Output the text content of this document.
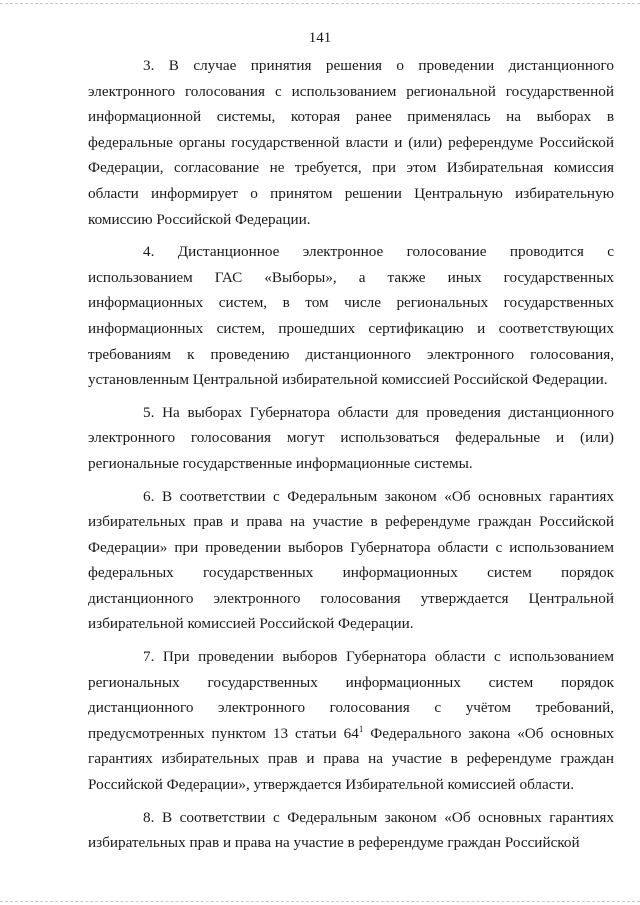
141

3. В случае принятия решения о проведении дистанционного электронного голосования с использованием региональной государственной информационной системы, которая ранее применялась на выборах в федеральные органы государственной власти и (или) референдуме Российской Федерации, согласование не требуется, при этом Избирательная комиссия области информирует о принятом решении Центральную избирательную комиссию Российской Федерации.

4. Дистанционное электронное голосование проводится с использованием ГАС «Выборы», а также иных государственных информационных систем, в том числе региональных государственных информационных систем, прошедших сертификацию и соответствующих требованиям к проведению дистанционного электронного голосования, установленным Центральной избирательной комиссией Российской Федерации.

5. На выборах Губернатора области для проведения дистанционного электронного голосования могут использоваться федеральные и (или) региональные государственные информационные системы.

6. В соответствии с Федеральным законом «Об основных гарантиях избирательных прав и права на участие в референдуме граждан Российской Федерации» при проведении выборов Губернатора области с использованием федеральных государственных информационных систем порядок дистанционного электронного голосования утверждается Центральной избирательной комиссией Российской Федерации.

7. При проведении выборов Губернатора области с использованием региональных государственных информационных систем порядок дистанционного электронного голосования с учётом требований, предусмотренных пунктом 13 статьи $64^1$ Федерального закона «Об основных гарантиях избирательных прав и права на участие в референдуме граждан Российской Федерации», утверждается Избирательной комиссией области.

8. В соответствии с Федеральным законом «Об основных гарантиях избирательных прав и права на участие в референдуме граждан Российской
